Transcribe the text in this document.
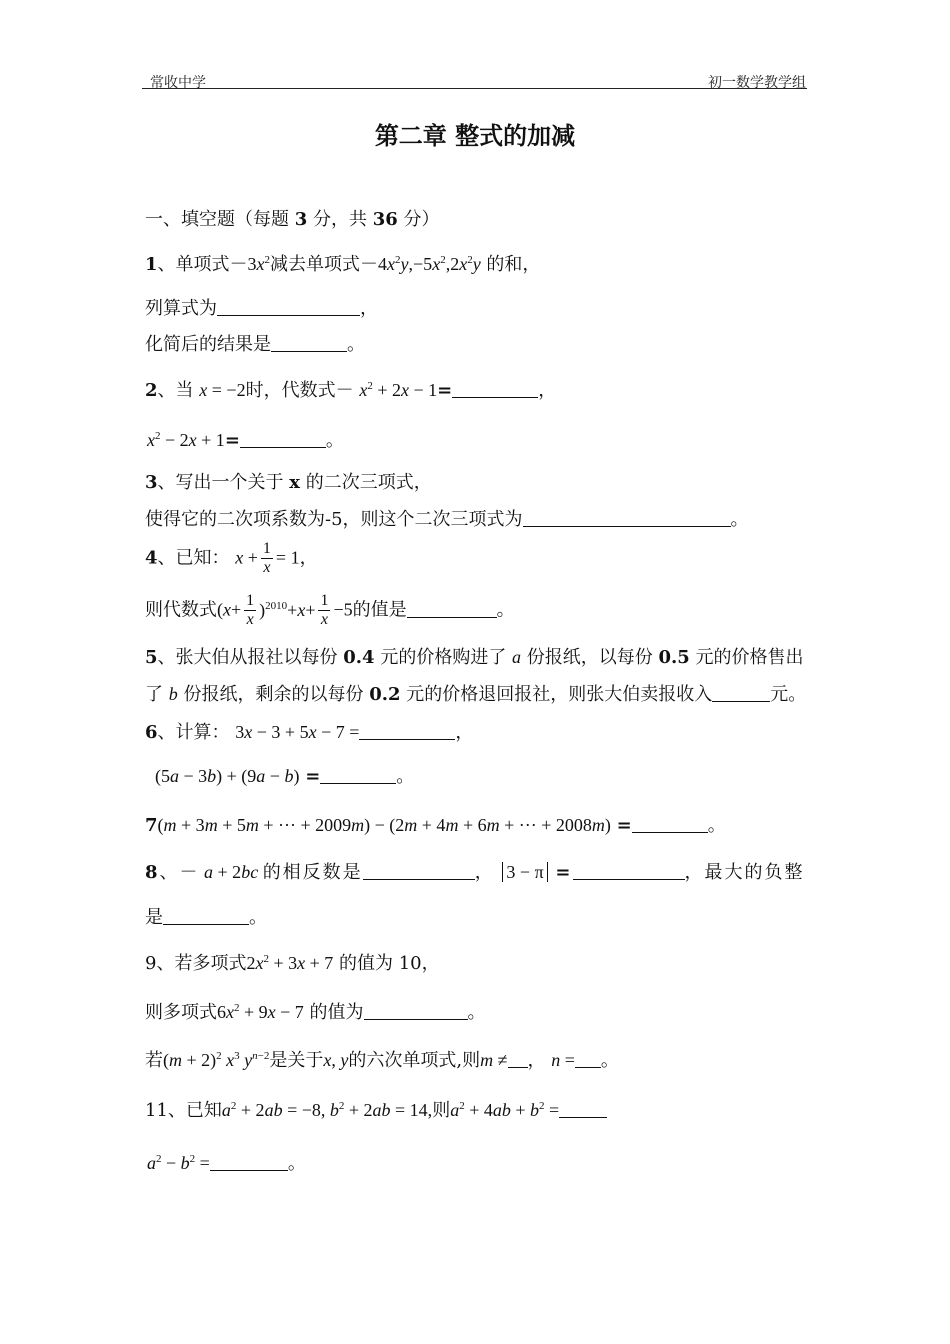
常收中学	初一数学教学组
第二章 整式的加减
一、填空题（每题 3 分，共 36 分）
1、单项式$-3x^2$减去单项式$-4x^2y,-5x^2,2x^2y$ 的和，
列算式为	，
化简后的结果是	。
2、当 x = −2时，代数式－ $x^2 + 2x - 1=$	，
$x^2 - 2x + 1=$	。
3、写出一个关于 x 的二次三项式，
使得它的二次项系数为-5，则这个二次三项式为	。
4、已知： $x + \frac{1}{x} = 1$，
则代数式$(x+ \frac{1}{x} )^{2010}+x+ \frac{1}{x} -5$的值是	。
5、张大伯从报社以每份 0.4 元的价格购进了 a 份报纸，以每份 0.5 元的价格售出
了 b 份报纸，剩余的以每份 0.2 元的价格退回报社，则张大伯卖报收入	元。
6、计算： 3x − 3 + 5x − 7 =	，
(5a − 3b) + (9a − b) =	。
7(m + 3m + 5m + ··· + 2009m) − (2m + 4m + 6m + ··· + 2008m) =	。
8、－ a + 2bc 的相反数是	， 3 − π =	，最大的负整
是	。
9、若多项式$2x^2 + 3x + 7$ 的值为 10，
则多项式$6x^2 + 9x - 7$ 的值为	。
若$(m + 2)^2$ $x^3$ $y^{n-2}$是关于x, y的六次单项式,则m ≠ ， n = 。
11、已知$a^2 + 2ab = -8$, $b^2 + 2ab = 14$,则$a^2 + 4ab + b^2$ =
$a^2 - b^2$ =	。
